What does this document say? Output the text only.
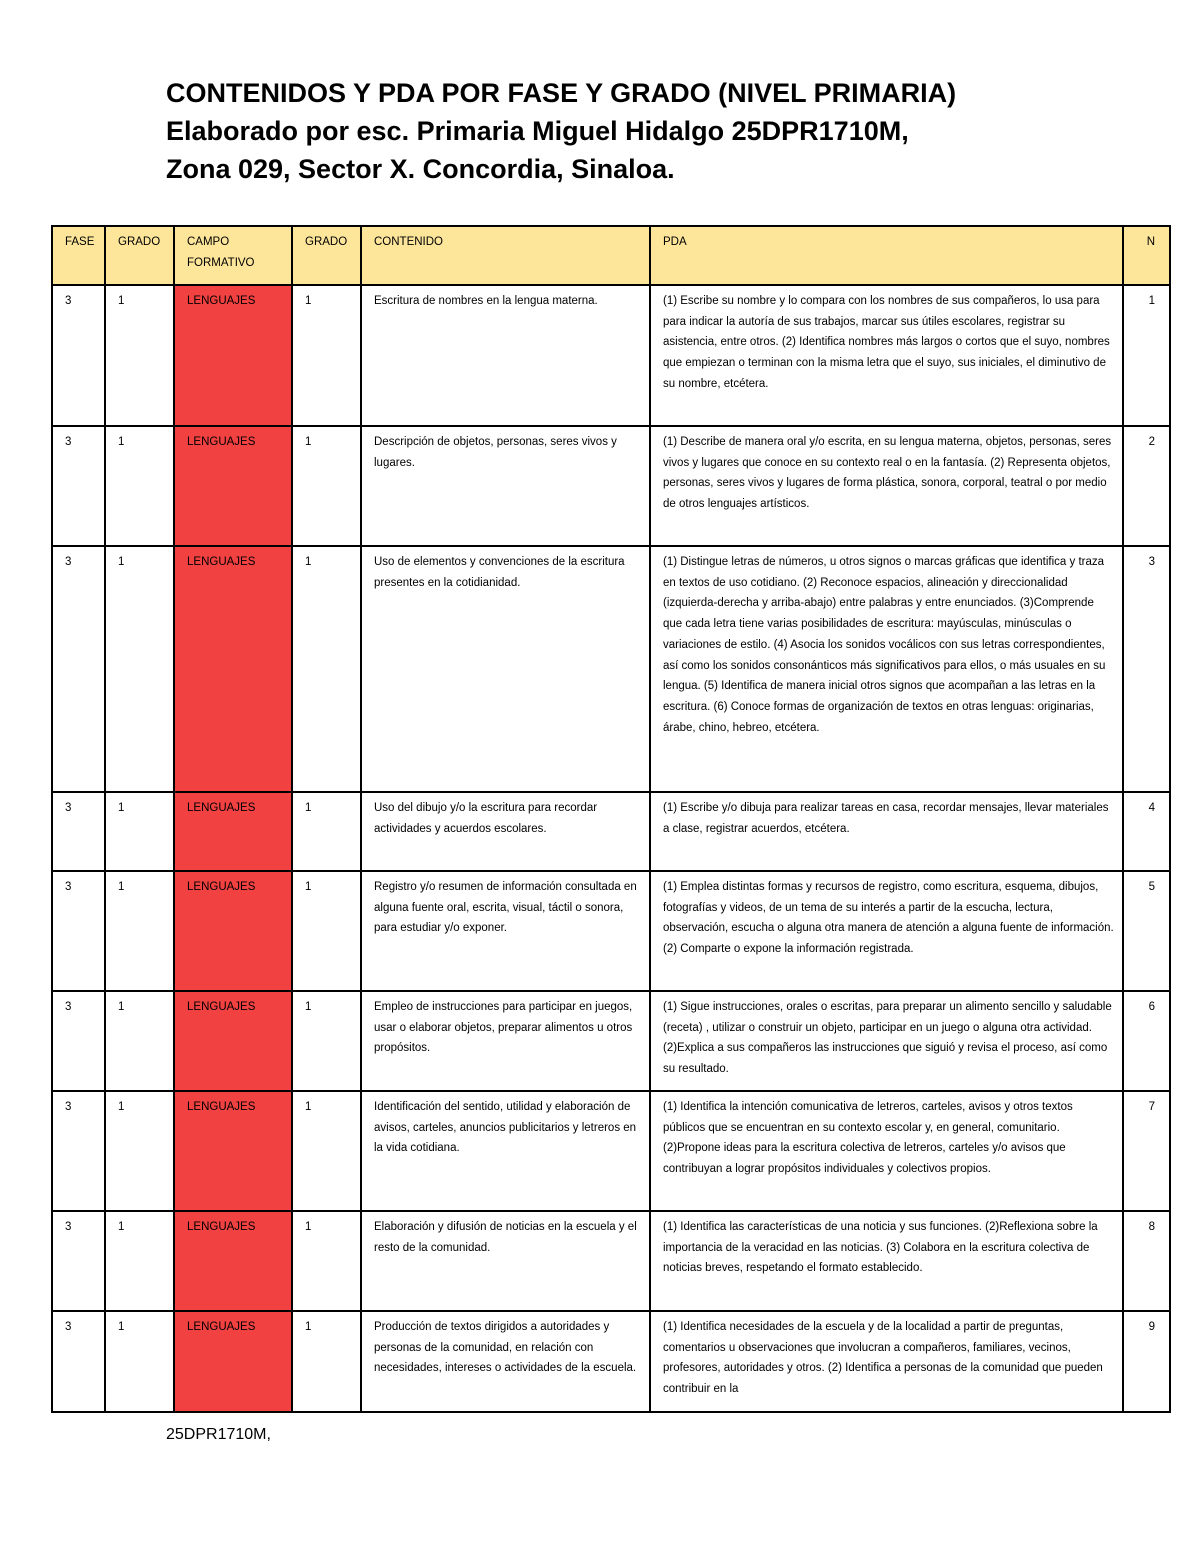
CONTENIDOS Y PDA POR FASE Y GRADO (NIVEL PRIMARIA)
Elaborado por esc. Primaria Miguel Hidalgo 25DPR1710M,
Zona 029, Sector X. Concordia, Sinaloa.
FASE	GRADO	CAMPO FORMATIVO	GRADO	CONTENIDO	PDA	N
3	1	LENGUAJES	1	Escritura de nombres en la lengua materna.	(1) Escribe su nombre y lo compara con los nombres de sus compañeros, lo usa para para indicar la autoría de sus trabajos, marcar sus útiles escolares, registrar su asistencia, entre otros. (2) Identifica nombres más largos o cortos que el suyo, nombres que empiezan o terminan con la misma letra que el suyo, sus iniciales, el diminutivo de su nombre, etcétera.	1
3	1	LENGUAJES	1	Descripción de objetos, personas, seres vivos y lugares.	(1) Describe de manera oral y/o escrita, en su lengua materna, objetos, personas, seres vivos y lugares que conoce en su contexto real o en la fantasía. (2) Representa objetos, personas, seres vivos y lugares de forma plástica, sonora, corporal, teatral o por medio de otros lenguajes artísticos.	2
3	1	LENGUAJES	1	Uso de elementos y convenciones de la escritura presentes en la cotidianidad.	(1) Distingue letras de números, u otros signos o marcas gráficas que identifica y traza en textos de uso cotidiano. (2) Reconoce espacios, alineación y direccionalidad (izquierda-derecha y arriba-abajo) entre palabras y entre enunciados. (3)Comprende que cada letra tiene varias posibilidades de escritura: mayúsculas, minúsculas o variaciones de estilo. (4) Asocia los sonidos vocálicos con sus letras correspondientes, así como los sonidos consonánticos más significativos para ellos, o más usuales en su lengua. (5) Identifica de manera inicial otros signos que acompañan a las letras en la escritura. (6) Conoce formas de organización de textos en otras lenguas: originarias, árabe, chino, hebreo, etcétera.	3
3	1	LENGUAJES	1	Uso del dibujo y/o la escritura para recordar actividades y acuerdos escolares.	(1) Escribe y/o dibuja para realizar tareas en casa, recordar mensajes, llevar materiales a clase, registrar acuerdos, etcétera.	4
3	1	LENGUAJES	1	Registro y/o resumen de información consultada en alguna fuente oral, escrita, visual, táctil o sonora, para estudiar y/o exponer.	(1) Emplea distintas formas y recursos de registro, como escritura, esquema, dibujos, fotografías y videos, de un tema de su interés a partir de la escucha, lectura, observación, escucha o alguna otra manera de atención a alguna fuente de información. (2) Comparte o expone la información registrada.	5
3	1	LENGUAJES	1	Empleo de instrucciones para participar en juegos, usar o elaborar objetos, preparar alimentos u otros propósitos.	(1) Sigue instrucciones, orales o escritas, para preparar un alimento sencillo y saludable (receta) , utilizar o construir un objeto, participar en un juego o alguna otra actividad. (2)Explica a sus compañeros las instrucciones que siguió y revisa el proceso, así como su resultado.	6
3	1	LENGUAJES	1	Identificación del sentido, utilidad y elaboración de avisos, carteles, anuncios publicitarios y letreros en la vida cotidiana.	(1) Identifica la intención comunicativa de letreros, carteles, avisos y otros textos públicos que se encuentran en su contexto escolar y, en general, comunitario. (2)Propone ideas para la escritura colectiva de letreros, carteles y/o avisos que contribuyan a lograr propósitos individuales y colectivos propios.	7
3	1	LENGUAJES	1	Elaboración y difusión de noticias en la escuela y el resto de la comunidad.	(1) Identifica las características de una noticia y sus funciones. (2)Reflexiona sobre la importancia de la veracidad en las noticias. (3) Colabora en la escritura colectiva de noticias breves, respetando el formato establecido.	8
3	1	LENGUAJES	1	Producción de textos dirigidos a autoridades y personas de la comunidad, en relación con necesidades, intereses o actividades de la escuela.	(1) Identifica necesidades de la escuela y de la localidad a partir de preguntas, comentarios u observaciones que involucran a compañeros, familiares, vecinos, profesores, autoridades y otros. (2) Identifica a personas de la comunidad que pueden contribuir en la	9
25DPR1710M,
